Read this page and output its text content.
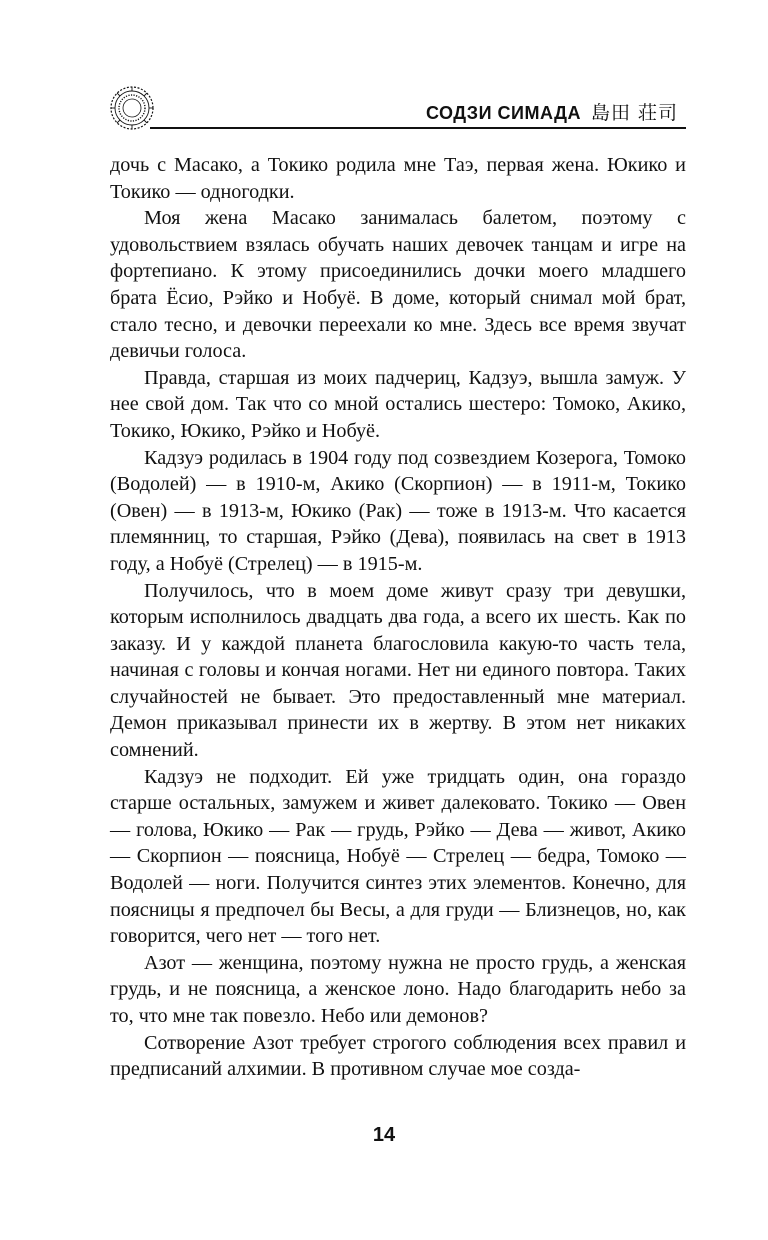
СОДЗИ СИМАДА 島田 荘司

дочь с Масако, а Токико родила мне Таэ, первая жена. Юкико и Токико — одногодки.

Моя жена Масако занималась балетом, поэтому с удовольствием взялась обучать наших девочек танцам и игре на фортепиано. К этому присоединились дочки моего младшего брата Ёсио, Рэйко и Нобуё. В доме, который снимал мой брат, стало тесно, и девочки переехали ко мне. Здесь все время звучат девичьи голоса.

Правда, старшая из моих падчериц, Кадзуэ, вышла замуж. У нее свой дом. Так что со мной остались шестеро: Томоко, Акико, Токико, Юкико, Рэйко и Нобуё.

Кадзуэ родилась в 1904 году под созвездием Козерога, Томоко (Водолей) — в 1910-м, Акико (Скорпион) — в 1911-м, Токико (Овен) — в 1913-м, Юкико (Рак) — тоже в 1913-м. Что касается племянниц, то старшая, Рэйко (Дева), появилась на свет в 1913 году, а Нобуё (Стрелец) — в 1915-м.

Получилось, что в моем доме живут сразу три девушки, которым исполнилось двадцать два года, а всего их шесть. Как по заказу. И у каждой планета благословила какую-то часть тела, начиная с головы и кончая ногами. Нет ни единого повтора. Таких случайностей не бывает. Это предоставленный мне материал. Демон приказывал принести их в жертву. В этом нет никаких сомнений.

Кадзуэ не подходит. Ей уже тридцать один, она гораздо старше остальных, замужем и живет далековато. Токико — Овен — голова, Юкико — Рак — грудь, Рэйко — Дева — живот, Акико — Скорпион — поясница, Нобуё — Стрелец — бедра, Томоко — Водолей — ноги. Получится синтез этих элементов. Конечно, для поясницы я предпочел бы Весы, а для груди — Близнецов, но, как говорится, чего нет — того нет.

Азот — женщина, поэтому нужна не просто грудь, а женская грудь, и не поясница, а женское лоно. Надо благодарить небо за то, что мне так повезло. Небо или демонов?

Сотворение Азот требует строгого соблюдения всех правил и предписаний алхимии. В противном случае мое созда-

14
